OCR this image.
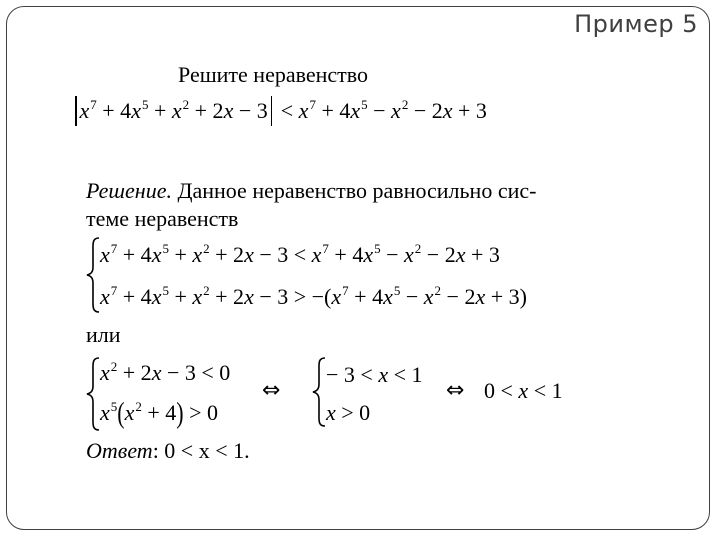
Пример 5
Решите неравенство
$x^7 + 4x^5 + x^2 + 2x - 3 < x^7 + 4x^5 - x^2 - 2x + 3$
Решение. Данное неравенство равносильно сис-
теме неравенств
$x^7 + 4x^5 + x^2 + 2x - 3 < x^7 + 4x^5 - x^2 - 2x + 3$
$x^7 + 4x^5 + x^2 + 2x - 3 > -(x^7 + 4x^5 - x^2 - 2x + 3)$
или
$x^2 + 2x - 3 < 0$
$x^5(x^2 + 4) > 0$
⇔
− 3 < x < 1
x > 0
⇔ 0 < x < 1
Ответ: 0 < x < 1.
